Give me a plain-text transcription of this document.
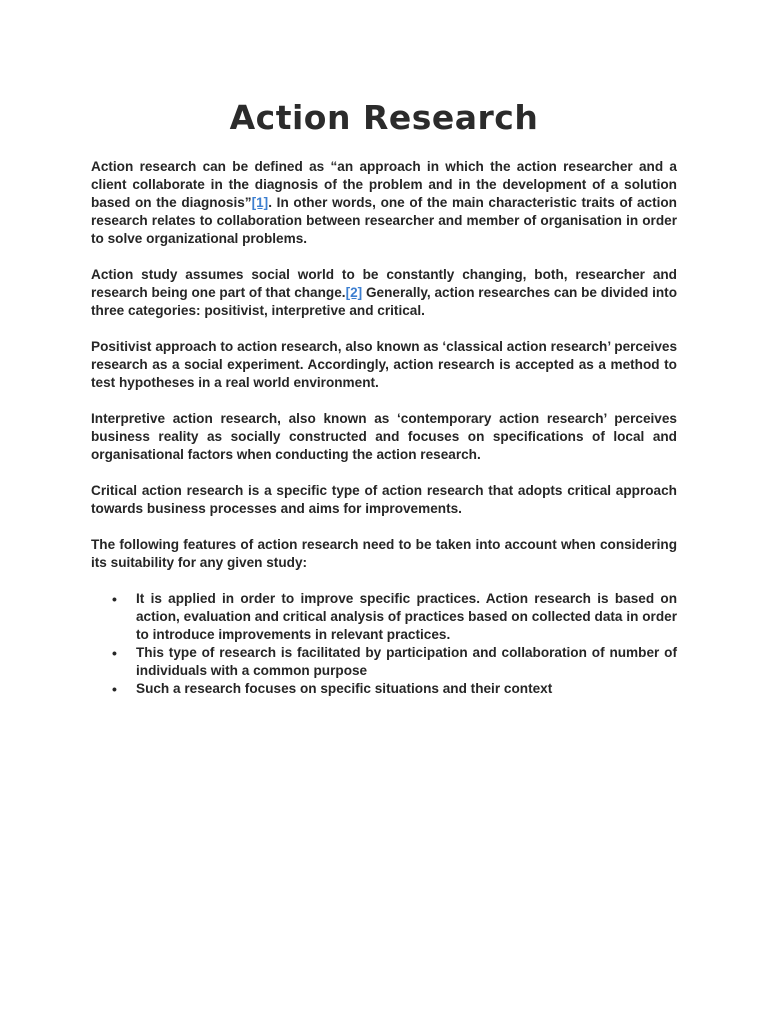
Action Research

Action research can be defined as “an approach in which the action researcher and a client collaborate in the diagnosis of the problem and in the development of a solution based on the diagnosis”[1]. In other words, one of the main characteristic traits of action research relates to collaboration between researcher and member of organisation in order to solve organizational problems.

Action study assumes social world to be constantly changing, both, researcher and research being one part of that change.[2] Generally, action researches can be divided into three categories: positivist, interpretive and critical.

Positivist approach to action research, also known as ‘classical action research’ perceives research as a social experiment. Accordingly, action research is accepted as a method to test hypotheses in a real world environment.

Interpretive action research, also known as ‘contemporary action research’ perceives business reality as socially constructed and focuses on specifications of local and organisational factors when conducting the action research.

Critical action research is a specific type of action research that adopts critical approach towards business processes and aims for improvements.

The following features of action research need to be taken into account when considering its suitability for any given study:

• It is applied in order to improve specific practices. Action research is based on action, evaluation and critical analysis of practices based on collected data in order to introduce improvements in relevant practices.
• This type of research is facilitated by participation and collaboration of number of individuals with a common purpose
• Such a research focuses on specific situations and their context
